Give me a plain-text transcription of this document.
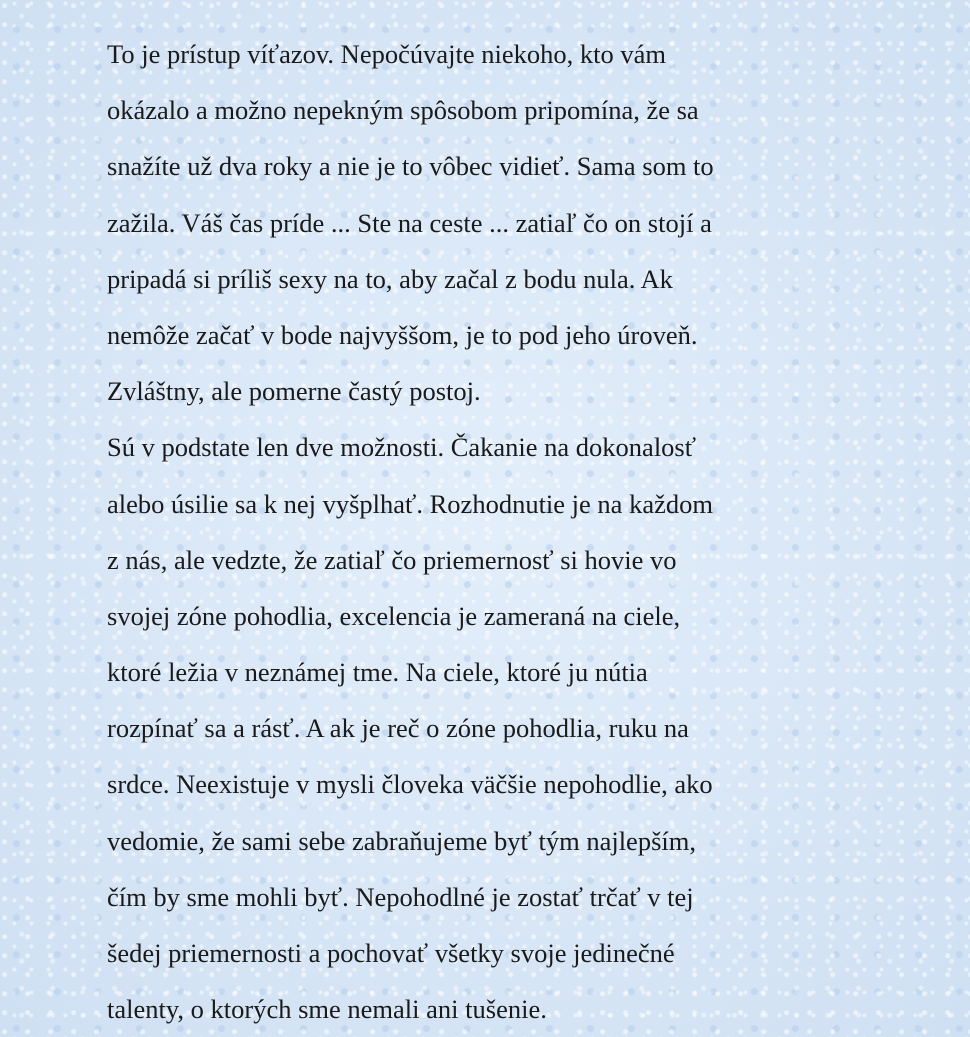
To je prístup víťazov. Nepočúvajte niekoho, kto vám
okázalo a možno nepekným spôsobom pripomína, že sa
snažíte už dva roky a nie je to vôbec vidieť. Sama som to
zažila. Váš čas príde ... Ste na ceste ... zatiaľ čo on stojí a
pripadá si príliš sexy na to, aby začal z bodu nula. Ak
nemôže začať v bode najvyššom, je to pod jeho úroveň.
Zvláštny, ale pomerne častý postoj.
Sú v podstate len dve možnosti. Čakanie na dokonalosť
alebo úsilie sa k nej vyšplhať. Rozhodnutie je na každom
z nás, ale vedzte, že zatiaľ čo priemernosť si hovie vo
svojej zóne pohodlia, excelencia je zameraná na ciele,
ktoré ležia v neznámej tme. Na ciele, ktoré ju nútia
rozpínať sa a rásť. A ak je reč o zóne pohodlia, ruku na
srdce. Neexistuje v mysli človeka väčšie nepohodlie, ako
vedomie, že sami sebe zabraňujeme byť tým najlepším,
čím by sme mohli byť. Nepohodlné je zostať trčať v tej
šedej priemernosti a pochovať všetky svoje jedinečné
talenty, o ktorých sme nemali ani tušenie.
